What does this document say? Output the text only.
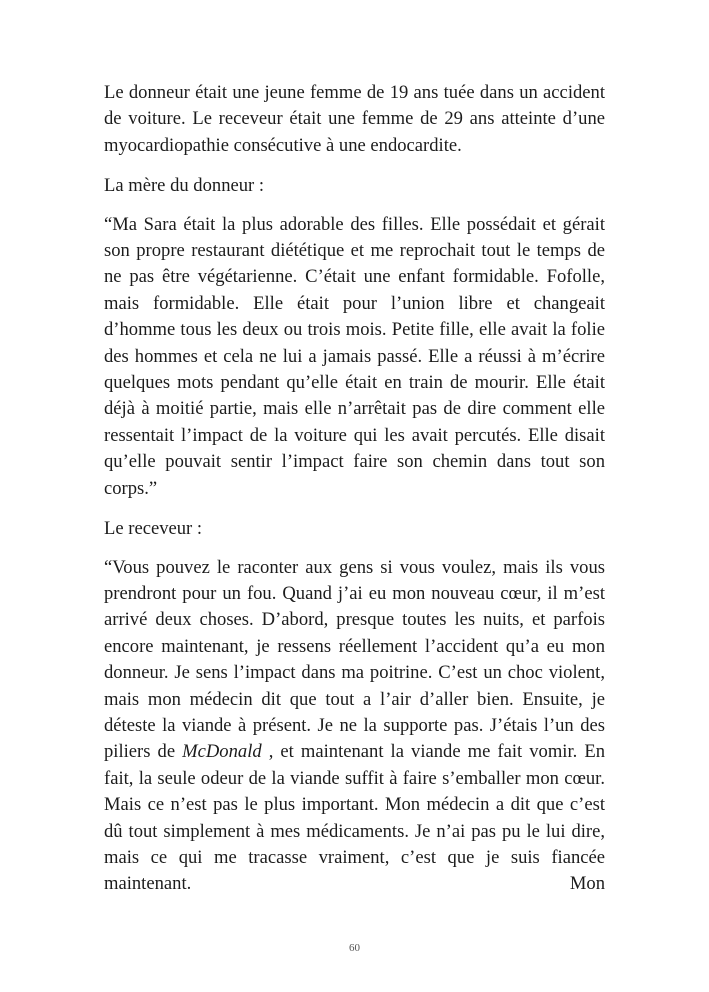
Le donneur était une jeune femme de 19 ans tuée dans un accident de voiture. Le receveur était une femme de 29 ans atteinte d’une myocardiopathie consécutive à une endocardite.

La mère du donneur :

“Ma Sara était la plus adorable des filles. Elle possédait et gérait son propre restaurant diététique et me reprochait tout le temps de ne pas être végétarienne. C’était une enfant formidable. Fofolle, mais formidable. Elle était pour l’union libre et changeait d’homme tous les deux ou trois mois. Petite fille, elle avait la folie des hommes et cela ne lui a jamais passé. Elle a réussi à m’écrire quelques mots pendant qu’elle était en train de mourir. Elle était déjà à moitié partie, mais elle n’arrêtait pas de dire comment elle ressentait l’impact de la voiture qui les avait percutés. Elle disait qu’elle pouvait sentir l’impact faire son chemin dans tout son corps.”

Le receveur :

“Vous pouvez le raconter aux gens si vous voulez, mais ils vous prendront pour un fou. Quand j’ai eu mon nouveau cœur, il m’est arrivé deux choses. D’abord, presque toutes les nuits, et parfois encore maintenant, je ressens réellement l’accident qu’a eu mon donneur. Je sens l’impact dans ma poitrine. C’est un choc violent, mais mon médecin dit que tout a l’air d’aller bien. Ensuite, je déteste la viande à présent. Je ne la supporte pas. J’étais l’un des piliers de McDonald , et maintenant la viande me fait vomir. En fait, la seule odeur de la viande suffit à faire s’emballer mon cœur. Mais ce n’est pas le plus important. Mon médecin a dit que c’est dû tout simplement à mes médicaments. Je n’ai pas pu le lui dire, mais ce qui me tracasse vraiment, c’est que je suis fiancée maintenant. Mon

60
